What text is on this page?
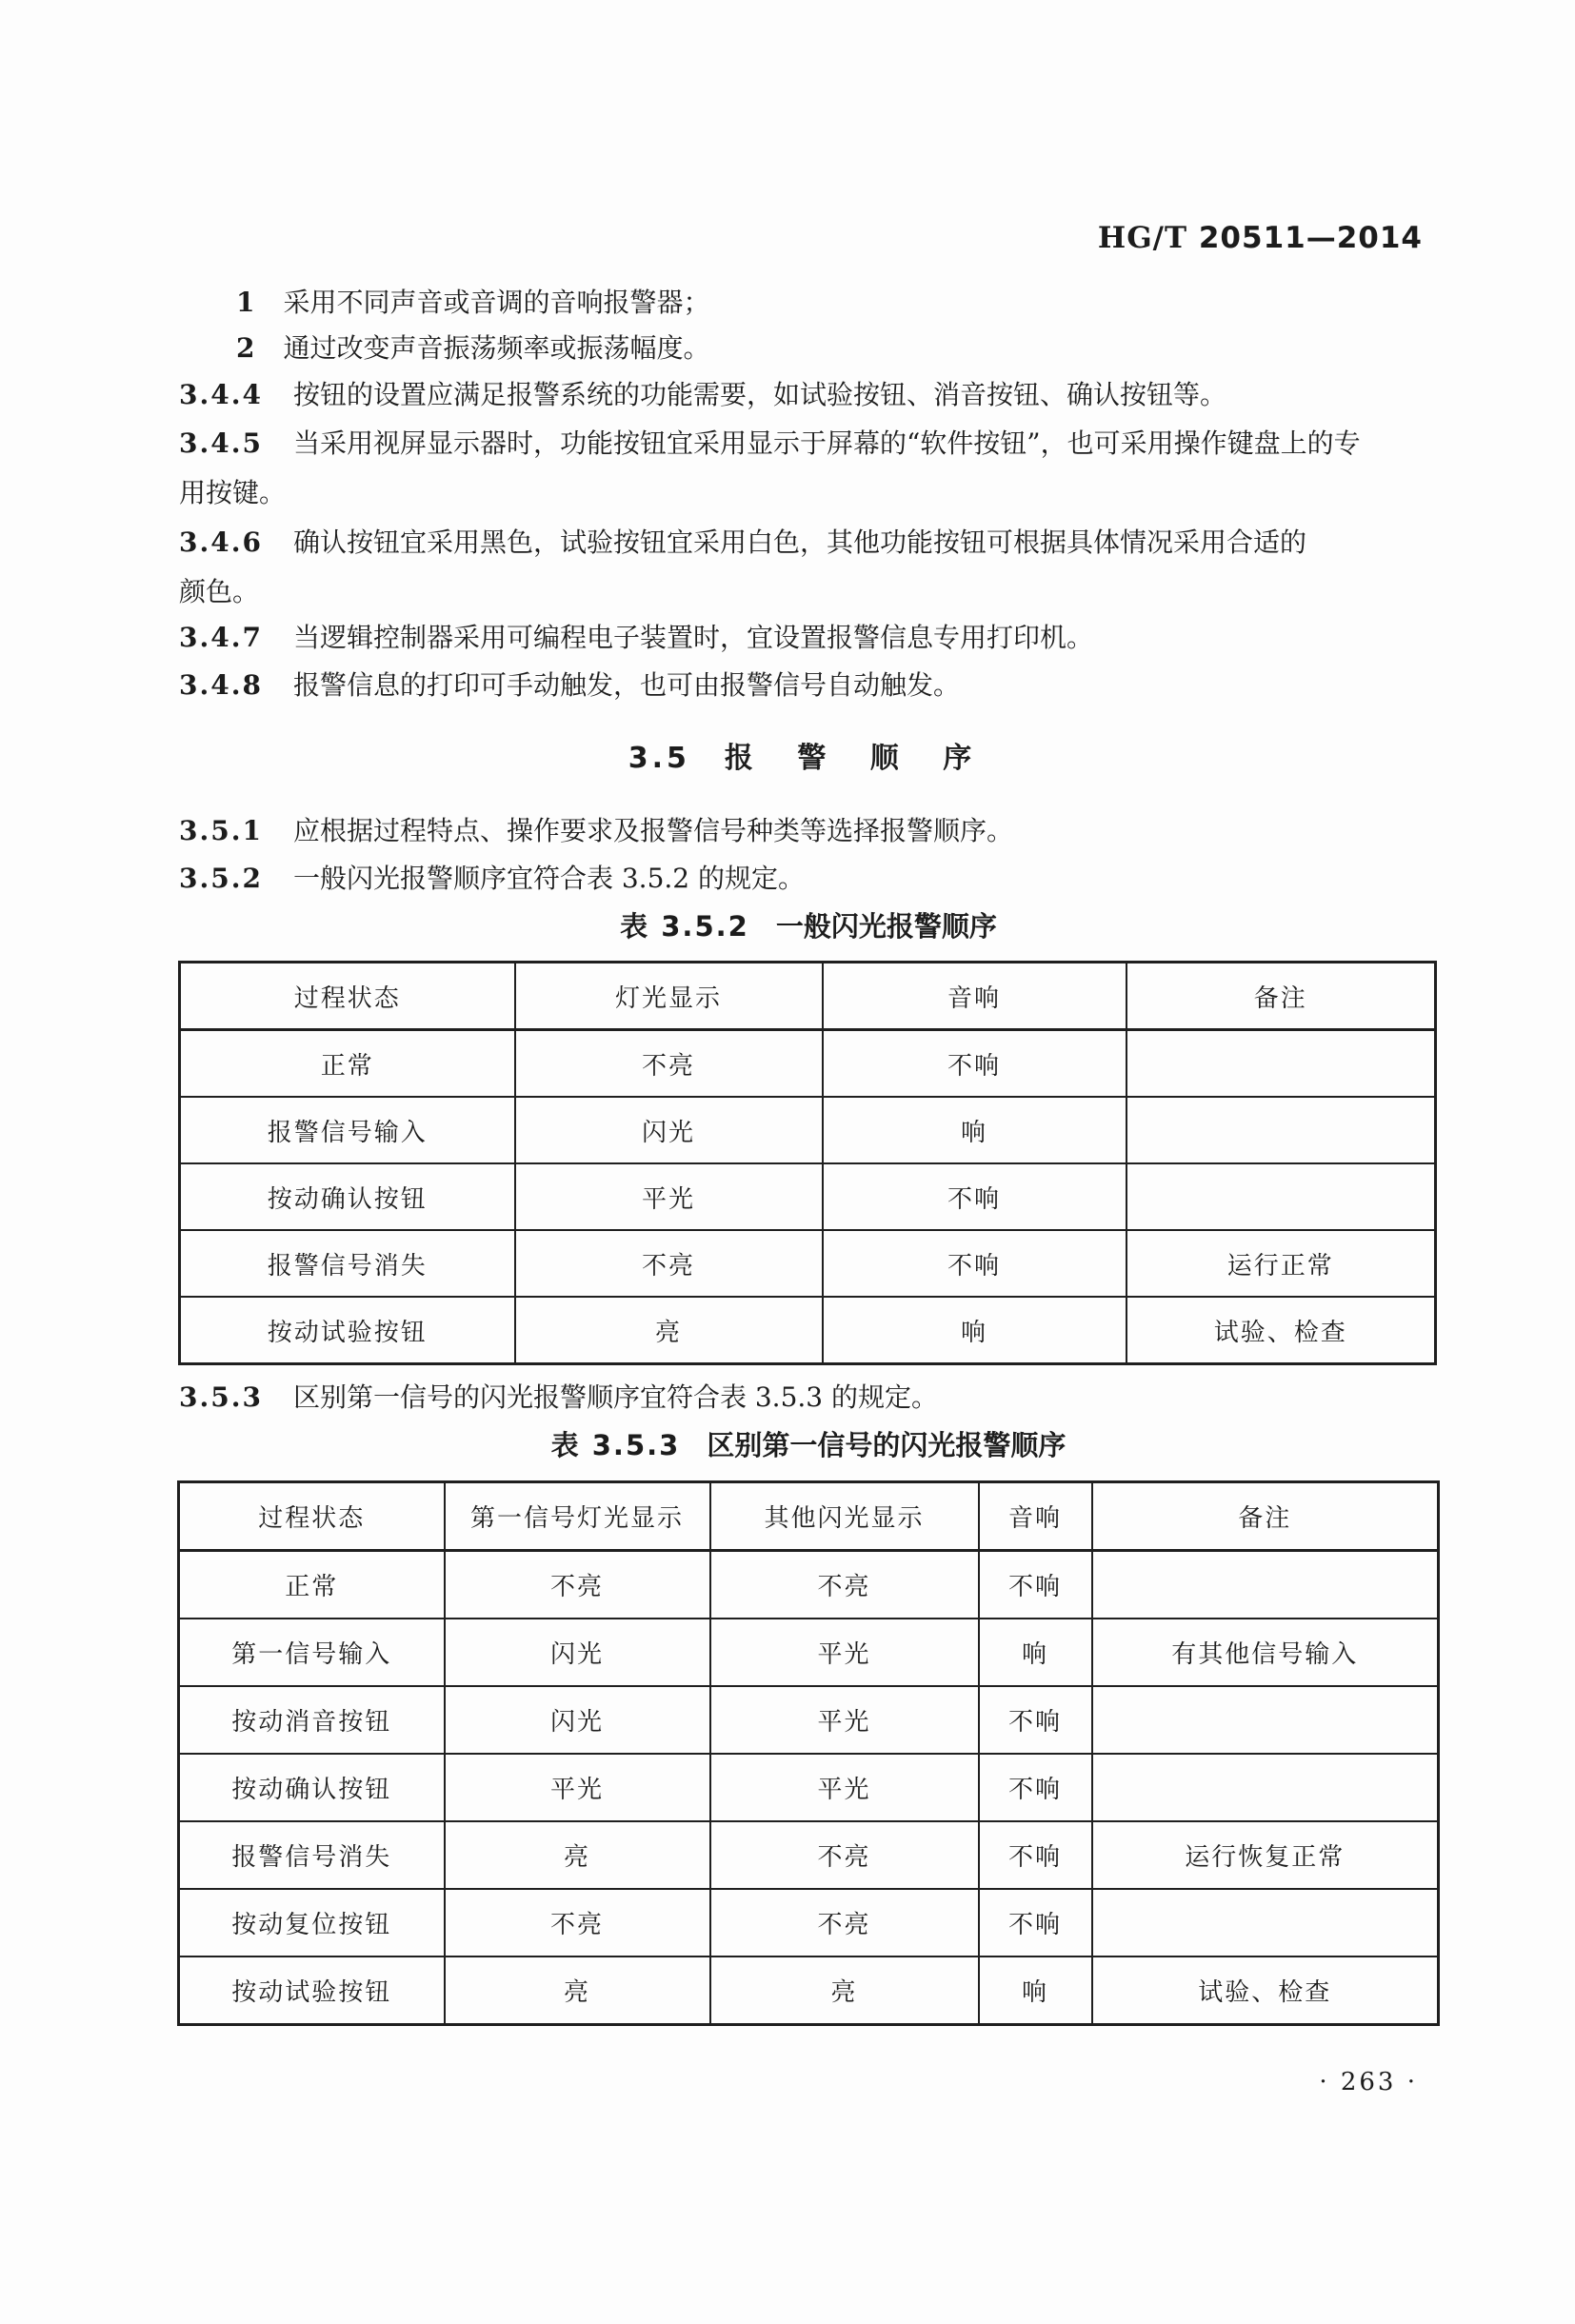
HG/T 20511—2014
1 采用不同声音或音调的音响报警器；
2 通过改变声音振荡频率或振荡幅度。
3.4.4 按钮的设置应满足报警系统的功能需要，如试验按钮、消音按钮、确认按钮等。
3.4.5 当采用视屏显示器时，功能按钮宜采用显示于屏幕的“软件按钮”，也可采用操作键盘上的专
用按键。
3.4.6 确认按钮宜采用黑色，试验按钮宜采用白色，其他功能按钮可根据具体情况采用合适的
颜色。
3.4.7 当逻辑控制器采用可编程电子装置时，宜设置报警信息专用打印机。
3.4.8 报警信息的打印可手动触发，也可由报警信号自动触发。
3.5 报 警 顺 序
3.5.1 应根据过程特点、操作要求及报警信号种类等选择报警顺序。
3.5.2 一般闪光报警顺序宜符合表 3.5.2 的规定。
表 3.5.2 一般闪光报警顺序
过程状态	灯光显示	音响	备注
正常	不亮	不响	
报警信号输入	闪光	响	
按动确认按钮	平光	不响	
报警信号消失	不亮	不响	运行正常
按动试验按钮	亮	响	试验、检查
3.5.3 区别第一信号的闪光报警顺序宜符合表 3.5.3 的规定。
表 3.5.3 区别第一信号的闪光报警顺序
过程状态	第一信号灯光显示	其他闪光显示	音响	备注
正常	不亮	不亮	不响	
第一信号输入	闪光	平光	响	有其他信号输入
按动消音按钮	闪光	平光	不响	
按动确认按钮	平光	平光	不响	
报警信号消失	亮	不亮	不响	运行恢复正常
按动复位按钮	不亮	不亮	不响	
按动试验按钮	亮	亮	响	试验、检查
· 263 ·
